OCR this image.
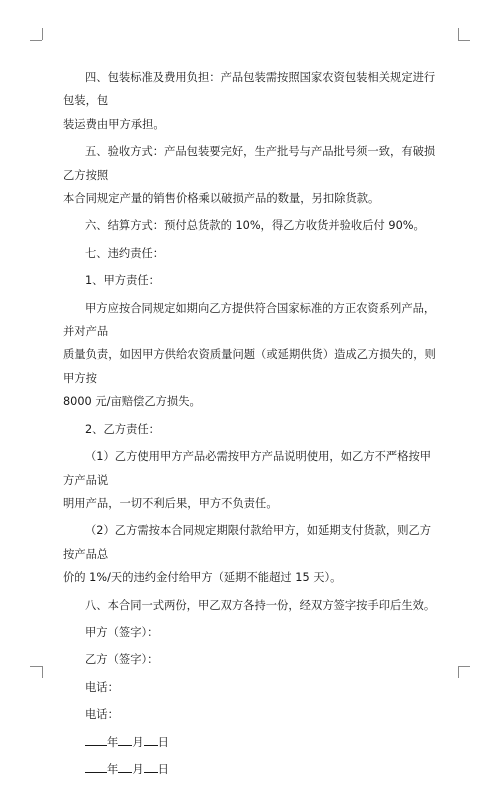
四、包装标准及费用负担：产品包装需按照国家农资包装相关规定进行包装，包
装运费由甲方承担。

五、验收方式：产品包装要完好，生产批号与产品批号须一致，有破损乙方按照
本合同规定产量的销售价格乘以破损产品的数量，另扣除货款。

六、结算方式：预付总货款的 10%，得乙方收货并验收后付 90%。

七、违约责任：

1、甲方责任：

甲方应按合同规定如期向乙方提供符合国家标准的方正农资系列产品，并对产品
质量负责，如因甲方供给农资质量问题（或延期供货）造成乙方损失的，则甲方按
8000 元/亩赔偿乙方损失。

2、乙方责任：

（1）乙方使用甲方产品必需按甲方产品说明使用，如乙方不严格按甲方产品说
明用产品，一切不利后果，甲方不负责任。

（2）乙方需按本合同规定期限付款给甲方，如延期支付货款，则乙方按产品总
价的 1%/天的违约金付给甲方（延期不能超过 15 天）。

八、本合同一式两份，甲乙双方各持一份，经双方签字按手印后生效。

甲方（签字）：

乙方（签字）：

电话：

电话：

年 月 日

年 月 日
